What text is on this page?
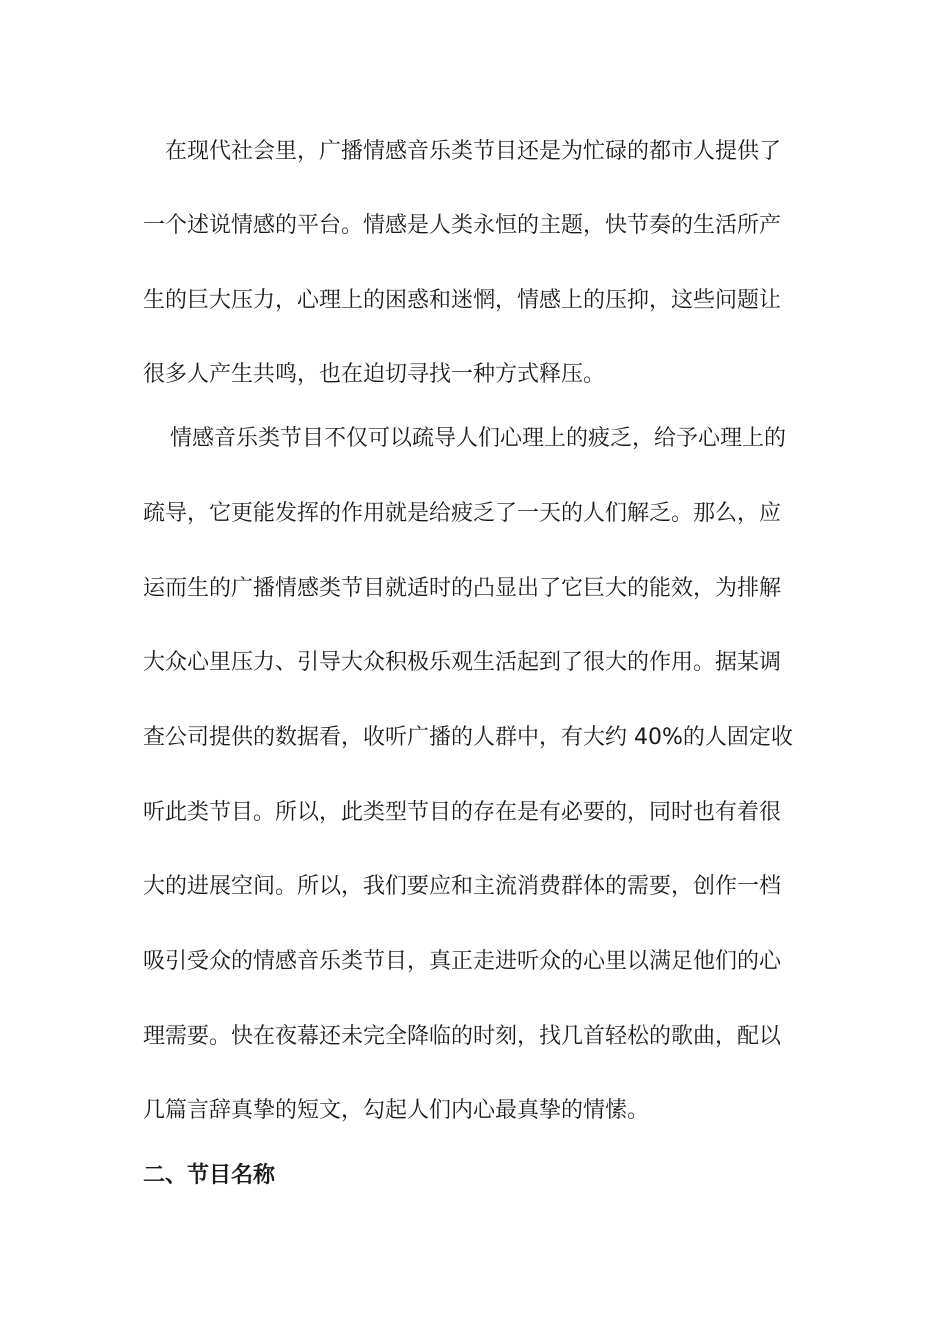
在现代社会里，广播情感音乐类节目还是为忙碌的都市人提供了
一个述说情感的平台。情感是人类永恒的主题，快节奏的生活所产
生的巨大压力，心理上的困惑和迷惘，情感上的压抑，这些问题让
很多人产生共鸣，也在迫切寻找一种方式释压。
情感音乐类节目不仅可以疏导人们心理上的疲乏，给予心理上的
疏导，它更能发挥的作用就是给疲乏了一天的人们解乏。那么，应
运而生的广播情感类节目就适时的凸显出了它巨大的能效，为排解
大众心里压力、引导大众积极乐观生活起到了很大的作用。据某调
查公司提供的数据看，收听广播的人群中，有大约 40%的人固定收
听此类节目。所以，此类型节目的存在是有必要的，同时也有着很
大的进展空间。所以，我们要应和主流消费群体的需要，创作一档
吸引受众的情感音乐类节目，真正走进听众的心里以满足他们的心
理需要。快在夜幕还未完全降临的时刻，找几首轻松的歌曲，配以
几篇言辞真挚的短文，勾起人们内心最真挚的情愫。
二、节目名称
